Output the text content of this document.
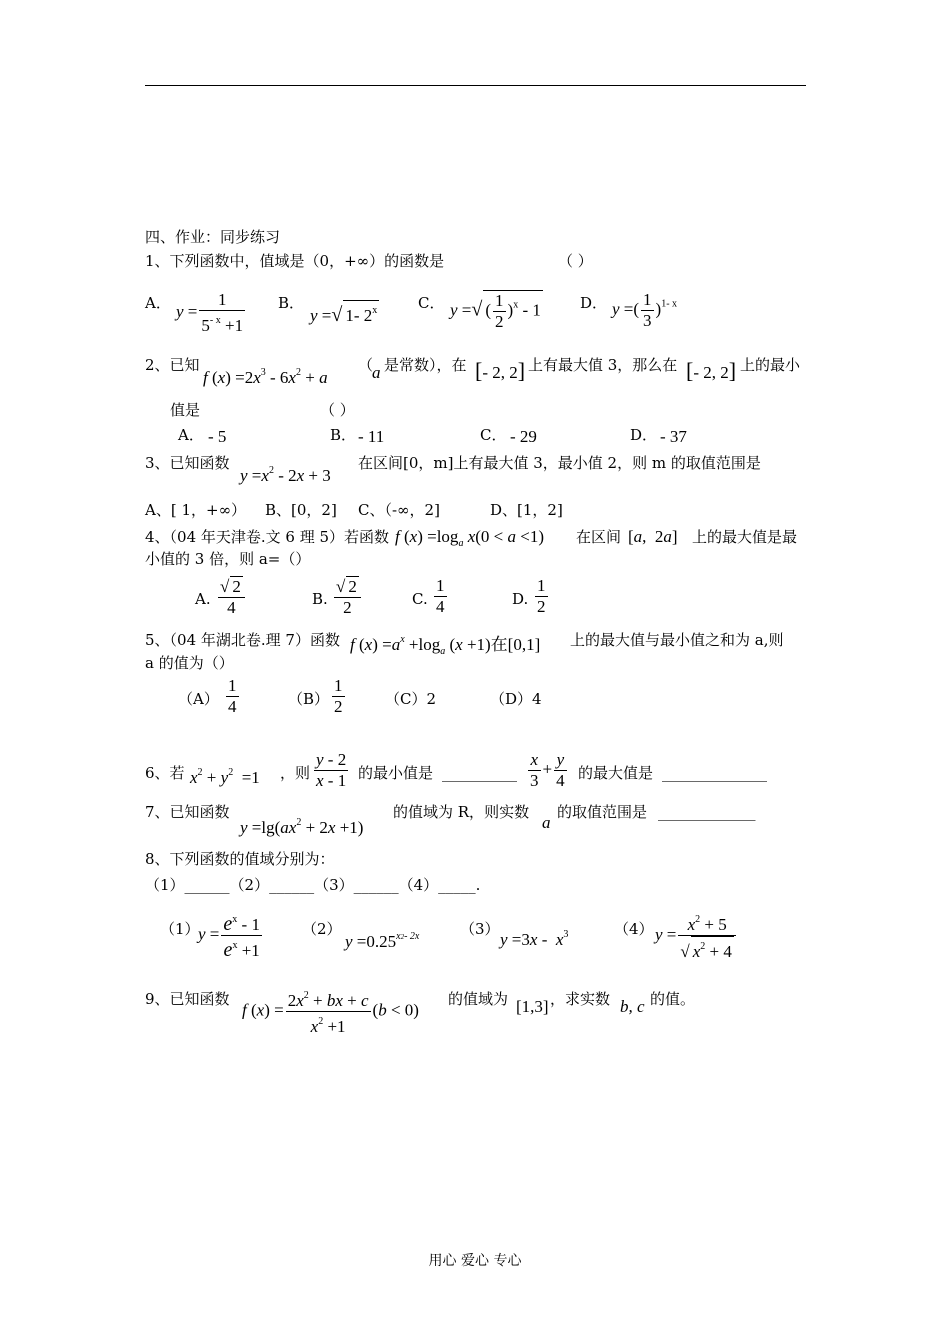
四、作业：同步练习
1、下列函数中，值域是（0，+∞）的函数是	（ ）
A． $y = \frac{1}{5^{- x} +1}$ B．
y =√ 1- 2$^x$	C． y =√ ( $\frac{1}{2} )^x - 1$	D． y =( $\frac{1}{3} )^{1- x}$
2、已知
f $(x) =2x^3 - 6x^2 + a$
（
a 是常数），在 [- 2, 2] 上有最大值 3，那么在 [- 2, 2] 上的最小
值是	（ ）
A． - 5	B． - 11	C． - 29	D． - 37
3、已知函数
$y =x^2 - 2x + 3$
在区间[0，m]上有最大值 3，最小值 2，则 m 的取值范围是
A、[ 1，+∞） B、[0，2] C、（-∞，2]	D、[1，2]
4、（04 年天津卷.文 6 理 5）若函数 f $(x) =\log_a$ x(0 < a <1) 在区间 [a,  2a] 上的最大值是最
小值的 3 倍，则 a=（）
A. $\frac{√ 2}{4}$	B. $\frac{√ 2}{2}$	C. $\frac{1}{4}$	D. $\frac{1}{2}$
5、（04 年湖北卷.理 7）函数 f $(x) =a^x +\log_a$ (x +1)在[0,1] 上的最大值与最小值之和为 a,则
a 的值为（）
$(A) \frac{1}{4}$	$(B) \frac{1}{2}$	（C）2	（D）4
6、若 $x^2 + y^2 =1$ ，则 $\frac{y - 2}{x - 1}$ 的最小值是 __________ $\frac{x}{3} + \frac{y}{4}$ 的最大值是 ______________
7、已知函数
$y =\lg(ax^2 + 2x +1)$
的值域为 R，则实数
a
的取值范围是 _____________
8、下列函数的值域分别为：
（1）______（2）______（3）______（4）_____.
（1）
$y = \frac{e^x - 1}{e^x +1}$	（2）
$y =0.25^{x2- 2x}$	（3）
$y =3x - x^3$	（4） $y = \frac{x^2 + 5}{√ x^2 + 4}$
9、已知函数
f $(x) = \frac{2x^2 + bx + c}{x^2 +1} (b < 0)$
的值域为 [1,3] ，求实数 b, c 的值。
用心 爱心 专心
